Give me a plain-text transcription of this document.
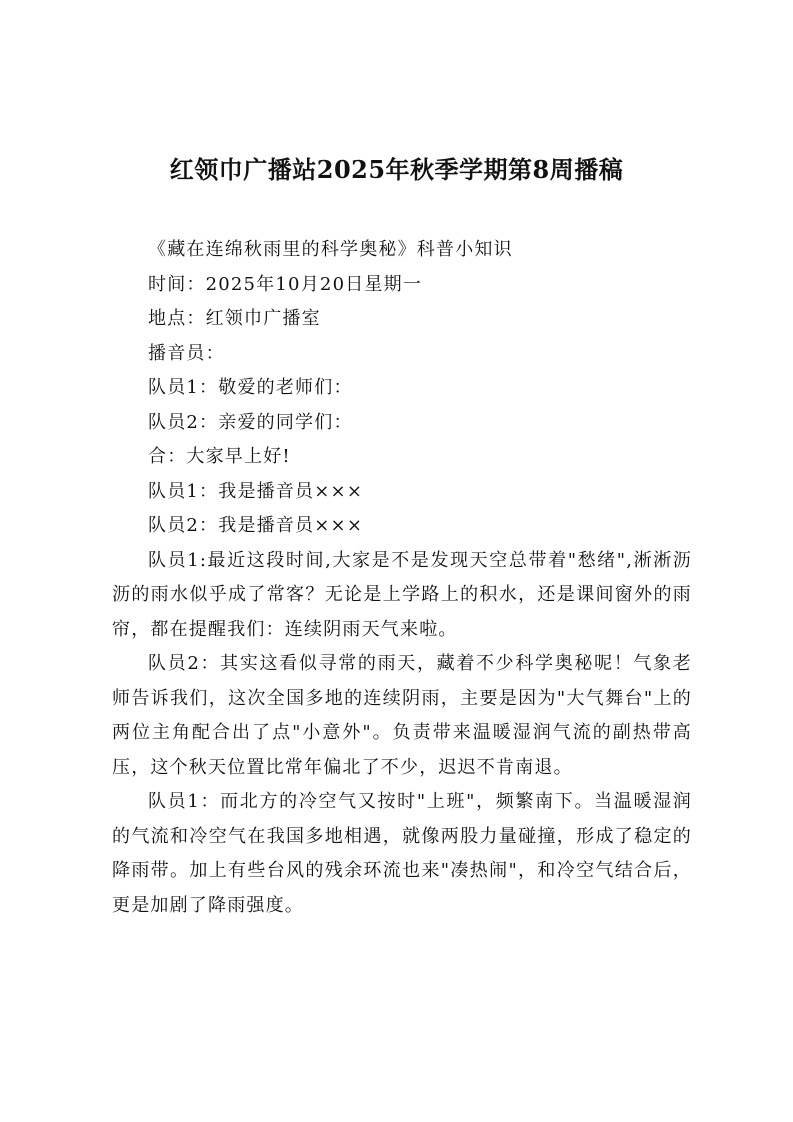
红领巾广播站2025年秋季学期第8周播稿

《藏在连绵秋雨里的科学奥秘》科普小知识

时间：2025年10月20日星期一

地点：红领巾广播室

播音员：

队员1：敬爱的老师们：

队员2：亲爱的同学们：

合：大家早上好!

队员1：我是播音员×××

队员2：我是播音员×××

队员1:最近这段时间,大家是不是发现天空总带着"愁绪",淅淅沥沥的雨水似乎成了常客？无论是上学路上的积水，还是课间窗外的雨帘，都在提醒我们：连续阴雨天气来啦。

队员2：其实这看似寻常的雨天，藏着不少科学奥秘呢！气象老师告诉我们，这次全国多地的连续阴雨，主要是因为"大气舞台"上的两位主角配合出了点"小意外"。负责带来温暖湿润气流的副热带高压，这个秋天位置比常年偏北了不少，迟迟不肯南退。

队员1：而北方的冷空气又按时"上班"，频繁南下。当温暖湿润的气流和冷空气在我国多地相遇，就像两股力量碰撞，形成了稳定的降雨带。加上有些台风的残余环流也来"凑热闹"，和冷空气结合后，更是加剧了降雨强度。
